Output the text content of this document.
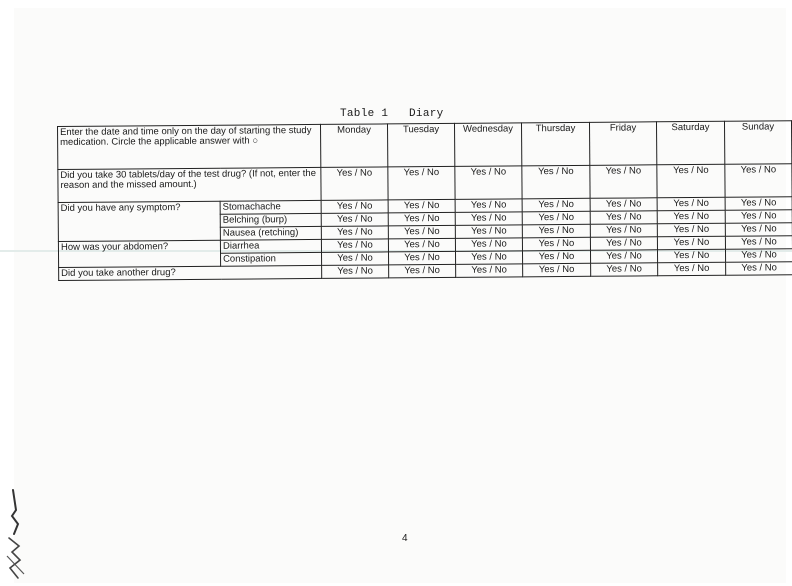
Table 1   Diary
Enter the date and time only on the day of starting the study medication. Circle the applicable answer with ○		Monday	Tuesday	Wednesday	Thursday	Friday	Saturday	Sunday
Did you take 30 tablets/day of the test drug? (If not, enter the reason and the missed amount.)		Yes / No	Yes / No	Yes / No	Yes / No	Yes / No	Yes / No	Yes / No
Did you have any symptom?	Stomachache	Yes / No	Yes / No	Yes / No	Yes / No	Yes / No	Yes / No	Yes / No
	Belching (burp)	Yes / No	Yes / No	Yes / No	Yes / No	Yes / No	Yes / No	Yes / No
	Nausea (retching)	Yes / No	Yes / No	Yes / No	Yes / No	Yes / No	Yes / No	Yes / No
How was your abdomen?	Diarrhea	Yes / No	Yes / No	Yes / No	Yes / No	Yes / No	Yes / No	Yes / No
	Constipation	Yes / No	Yes / No	Yes / No	Yes / No	Yes / No	Yes / No	Yes / No
Did you take another drug?		Yes / No	Yes / No	Yes / No	Yes / No	Yes / No	Yes / No	Yes / No
4
